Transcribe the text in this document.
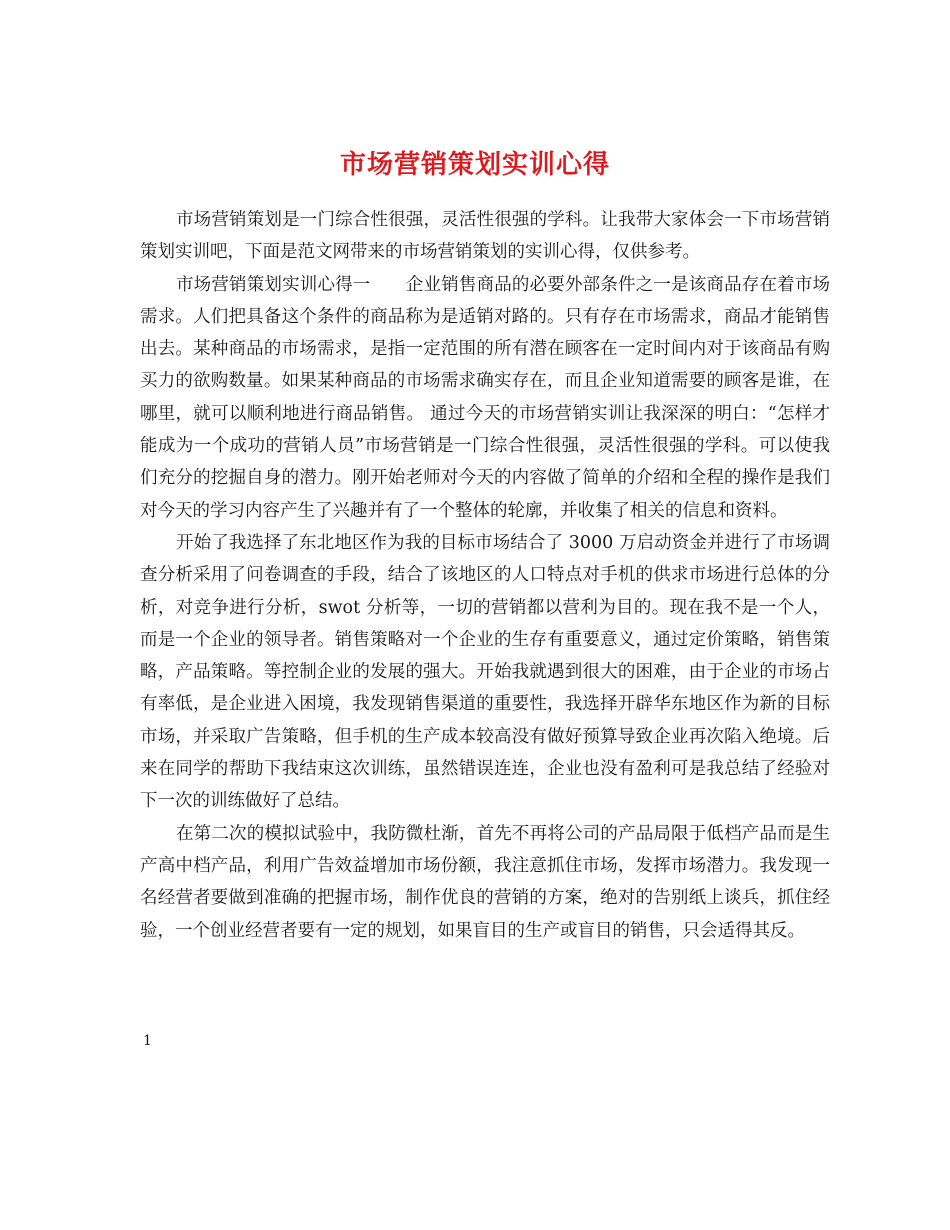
市场营销策划实训心得

市场营销策划是一门综合性很强，灵活性很强的学科。让我带大家体会一下市场营销策划实训吧，下面是范文网带来的市场营销策划的实训心得，仅供参考。

市场营销策划实训心得一　　企业销售商品的必要外部条件之一是该商品存在着市场需求。人们把具备这个条件的商品称为是适销对路的。只有存在市场需求，商品才能销售出去。某种商品的市场需求，是指一定范围的所有潜在顾客在一定时间内对于该商品有购买力的欲购数量。如果某种商品的市场需求确实存在，而且企业知道需要的顾客是谁，在哪里，就可以顺利地进行商品销售。 通过今天的市场营销实训让我深深的明白：“怎样才能成为一个成功的营销人员”市场营销是一门综合性很强，灵活性很强的学科。可以使我们充分的挖掘自身的潜力。刚开始老师对今天的内容做了简单的介绍和全程的操作是我们对今天的学习内容产生了兴趣并有了一个整体的轮廓，并收集了相关的信息和资料。

开始了我选择了东北地区作为我的目标市场结合了 3000 万启动资金并进行了市场调查分析采用了问卷调查的手段，结合了该地区的人口特点对手机的供求市场进行总体的分析，对竞争进行分析，swot 分析等，一切的营销都以营利为目的。现在我不是一个人，而是一个企业的领导者。销售策略对一个企业的生存有重要意义，通过定价策略，销售策略，产品策略。等控制企业的发展的强大。开始我就遇到很大的困难，由于企业的市场占有率低，是企业进入困境，我发现销售渠道的重要性，我选择开辟华东地区作为新的目标市场，并采取广告策略，但手机的生产成本较高没有做好预算导致企业再次陷入绝境。后来在同学的帮助下我结束这次训练，虽然错误连连，企业也没有盈利可是我总结了经验对下一次的训练做好了总结。

在第二次的模拟试验中，我防微杜渐，首先不再将公司的产品局限于低档产品而是生产高中档产品，利用广告效益增加市场份额，我注意抓住市场，发挥市场潜力。我发现一名经营者要做到准确的把握市场，制作优良的营销的方案，绝对的告别纸上谈兵，抓住经验，一个创业经营者要有一定的规划，如果盲目的生产或盲目的销售，只会适得其反。

1
